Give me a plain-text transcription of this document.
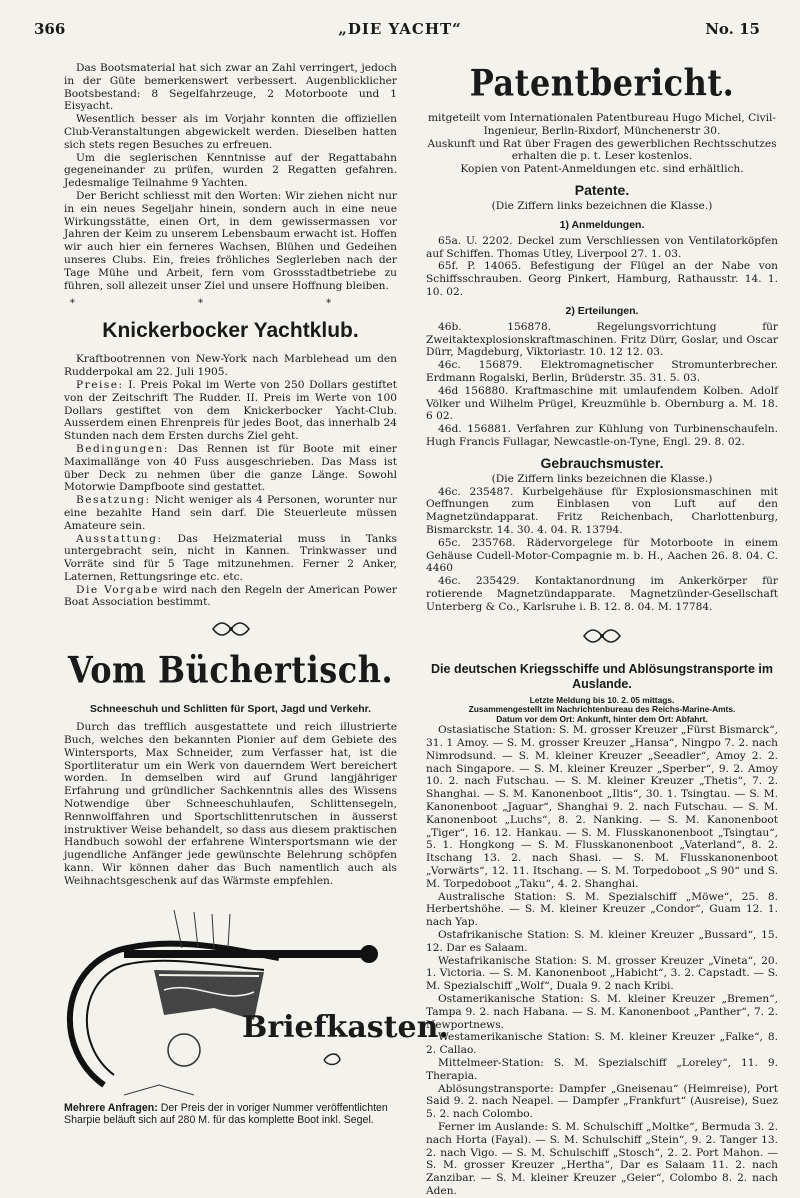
366	„DIE YACHT“	No. 15

Das Bootsmaterial hat sich zwar an Zahl verringert, jedoch in der Güte bemerkenswert verbessert. Augenblicklicher Bootsbestand: 8 Segelfahrzeuge, 2 Motorboote und 1 Eisyacht.

Wesentlich besser als im Vorjahr konnten die offiziellen Club-Veranstaltungen abgewickelt werden. Dieselben hatten sich stets regen Besuches zu erfreuen.

Um die seglerischen Kenntnisse auf der Regattabahn gegeneinander zu prüfen, wurden 2 Regatten gefahren. Jedesmalige Teilnahme 9 Yachten.

Der Bericht schliesst mit den Worten: Wir ziehen nicht nur in ein neues Segeljahr hinein, sondern auch in eine neue Wirkungsstätte, einen Ort, in dem gewissermassen vor Jahren der Keim zu unserem Lebensbaum erwacht ist. Hoffen wir auch hier ein ferneres Wachsen, Blühen und Gedeihen unseres Clubs. Ein, freies fröhliches Seglerleben nach der Tage Mühe und Arbeit, fern vom Grossstadtbetriebe zu führen, soll allezeit unser Ziel und unsere Hoffnung bleiben.

* * *
Knickerbocker Yachtklub.

Kraftbootrennen von New-York nach Marblehead um den Rudderpokal am 22. Juli 1905.

Preise: I. Preis Pokal im Werte von 250 Dollars gestiftet von der Zeitschrift The Rudder. II. Preis im Werte von 100 Dollars gestiftet von dem Knickerbocker Yacht-Club. Ausserdem einen Ehrenpreis für jedes Boot, das innerhalb 24 Stunden nach dem Ersten durchs Ziel geht.

Bedingungen: Das Rennen ist für Boote mit einer Maximallänge von 40 Fuss ausgeschrieben. Das Mass ist über Deck zu nehmen über die ganze Länge. Sowohl Motorwie Dampfboote sind gestattet.

Besatzung: Nicht weniger als 4 Personen, worunter nur eine bezahlte Hand sein darf. Die Steuerleute müssen Amateure sein.

Ausstattung: Das Heizmaterial muss in Tanks untergebracht sein, nicht in Kannen. Trinkwasser und Vorräte sind für 5 Tage mitzunehmen. Ferner 2 Anker, Laternen, Rettungsringe etc. etc.

Die Vorgabe wird nach den Regeln der American Power Boat Association bestimmt.

Vom Büchertisch.
Schneeschuh und Schlitten für Sport, Jagd und Verkehr.

Durch das trefflich ausgestattete und reich illustrierte Buch, welches den bekannten Pionier auf dem Gebiete des Wintersports, Max Schneider, zum Verfasser hat, ist die Sportliteratur um ein Werk von dauerndem Wert bereichert worden. In demselben wird auf Grund langjähriger Erfahrung und gründlicher Sachkenntnis alles des Wissens Notwendige über Schneeschuhlaufen, Schlittensegeln, Rennwolffahren und Sportschlittenrutschen in äusserst instruktiver Weise behandelt, so dass aus diesem praktischen Handbuch sowohl der erfahrene Wintersportsmann wie der jugendliche Anfänger jede gewünschte Belehrung schöpfen kann. Wir können daher das Buch namentlich auch als Weihnachtsgeschenk auf das Wärmste empfehlen.

Briefkasten.
Mehrere Anfragen: Der Preis der in voriger Nummer veröffentlichten Sharpie beläuft sich auf 280 M. für das komplette Boot inkl. Segel.
Patentbericht.

mitgeteilt vom Internationalen Patentbureau Hugo Michel, Civil-Ingenieur, Berlin-Rixdorf, Münchenerstr 30.

Auskunft und Rat über Fragen des gewerblichen Rechtsschutzes erhalten die p. t. Leser kostenlos.

Kopien von Patent-Anmeldungen etc. sind erhältlich.

Patente.

(Die Ziffern links bezeichnen die Klasse.)

1) Anmeldungen.

65a. U. 2202. Deckel zum Verschliessen von Ventilatorköpfen auf Schiffen. Thomas Utley, Liverpool 27. 1. 03.

65f. P. 14065. Befestigung der Flügel an der Nabe von Schiffsschrauben. Georg Pinkert, Hamburg, Rathausstr. 14. 1. 10. 02.

2) Erteilungen.

46b. 156878. Regelungsvorrichtung für Zweitaktexplosionskraftmaschinen. Fritz Dürr, Goslar, und Oscar Dürr, Magdeburg, Viktoriastr. 10. 12 12. 03.

46c. 156879. Elektromagnetischer Stromunterbrecher. Erdmann Rogalski, Berlin, Brüderstr. 35. 31. 5. 03.

46d 156880. Kraftmaschine mit umlaufendem Kolben. Adolf Völker und Wilhelm Prügel, Kreuzmühle b. Obernburg a. M. 18. 6 02.

46d. 156881. Verfahren zur Kühlung von Turbinenschaufeln. Hugh Francis Fullagar, Newcastle-on-Tyne, Engl. 29. 8. 02.

Gebrauchsmuster.

(Die Ziffern links bezeichnen die Klasse.)

46c. 235487. Kurbelgehäuse für Explosionsmaschinen mit Oeffnungen zum Einblasen von Luft auf den Magnetzündapparat. Fritz Reichenbach, Charlottenburg, Bismarckstr. 14. 30. 4. 04. R. 13794.

65c. 235768. Rädervorgelege für Motorboote in einem Gehäuse Cudell-Motor-Compagnie m. b. H., Aachen 26. 8. 04. C. 4460

46c. 235429. Kontaktanordnung im Ankerkörper für rotierende Magnetzündapparate. Magnetzünder-Gesellschaft Unterberg & Co., Karlsruhe i. B. 12. 8. 04. M. 17784.

Die deutschen Kriegsschiffe und Ablösungstransporte im Auslande.
Letzte Meldung bis 10. 2. 05 mittags.
Zusammengestellt im Nachrichtenbureau des Reichs-Marine-Amts.
Datum vor dem Ort: Ankunft, hinter dem Ort: Abfahrt.

Ostasiatische Station: S. M. grosser Kreuzer „Fürst Bismarck“, 31. 1 Amoy. — S. M. grosser Kreuzer „Hansa“, Ningpo 7. 2. nach Nimrodsund. — S. M. kleiner Kreuzer „Seeadler“, Amoy 2. 2. nach Singapore. — S. M. kleiner Kreuzer „Sperber“, 9. 2. Amoy 10. 2. nach Futschau. — S. M. kleiner Kreuzer „Thetis“, 7. 2. Shanghai. — S. M. Kanonenboot „Iltis“, 30. 1. Tsingtau. — S. M. Kanonenboot „Jaguar“, Shanghai 9. 2. nach Futschau. — S. M. Kanonenboot „Luchs“, 8. 2. Nanking. — S. M. Kanonenboot „Tiger“, 16. 12. Hankau. — S. M. Flusskanonenboot „Tsingtau“, 5. 1. Hongkong — S. M. Flusskanonenboot „Vaterland“, 8. 2. Itschang 13. 2. nach Shasi. — S. M. Flusskanonenboot „Vorwärts“, 12. 11. Itschang. — S. M. Torpedoboot „S 90“ und S. M. Torpedoboot „Taku“, 4. 2. Shanghai.

Australische Station: S. M. Spezialschiff „Möwe“, 25. 8. Herbertshöhe. — S. M. kleiner Kreuzer „Condor“, Guam 12. 1. nach Yap.

Ostafrikanische Station: S. M. kleiner Kreuzer „Bussard“, 15. 12. Dar es Salaam.

Westafrikanische Station: S. M. grosser Kreuzer „Vineta“, 20. 1. Victoria. — S. M. Kanonenboot „Habicht“, 3. 2. Capstadt. — S. M. Spezialschiff „Wolf“, Duala 9. 2 nach Kribi.

Ostamerikanische Station: S. M. kleiner Kreuzer „Bremen“, Tampa 9. 2. nach Habana. — S. M. Kanonenboot „Panther“, 7. 2. Newportnews.

Westamerikanische Station: S. M. kleiner Kreuzer „Falke“, 8. 2. Callao.

Mittelmeer-Station: S. M. Spezialschiff „Loreley“, 11. 9. Therapia.

Ablösungstransporte: Dampfer „Gneisenau“ (Heimreise), Port Said 9. 2. nach Neapel. — Dampfer „Frankfurt“ (Ausreise), Suez 5. 2. nach Colombo.

Ferner im Auslande: S. M. Schulschiff „Moltke“, Bermuda 3. 2. nach Horta (Fayal). — S. M. Schulschiff „Stein“, 9. 2. Tanger 13. 2. nach Vigo. — S. M. Schulschiff „Stosch“, 2. 2. Port Mahon. — S. M. grosser Kreuzer „Hertha“, Dar es Salaam 11. 2. nach Zanzibar. — S. M. kleiner Kreuzer „Geier“, Colombo 8. 2. nach Aden.
